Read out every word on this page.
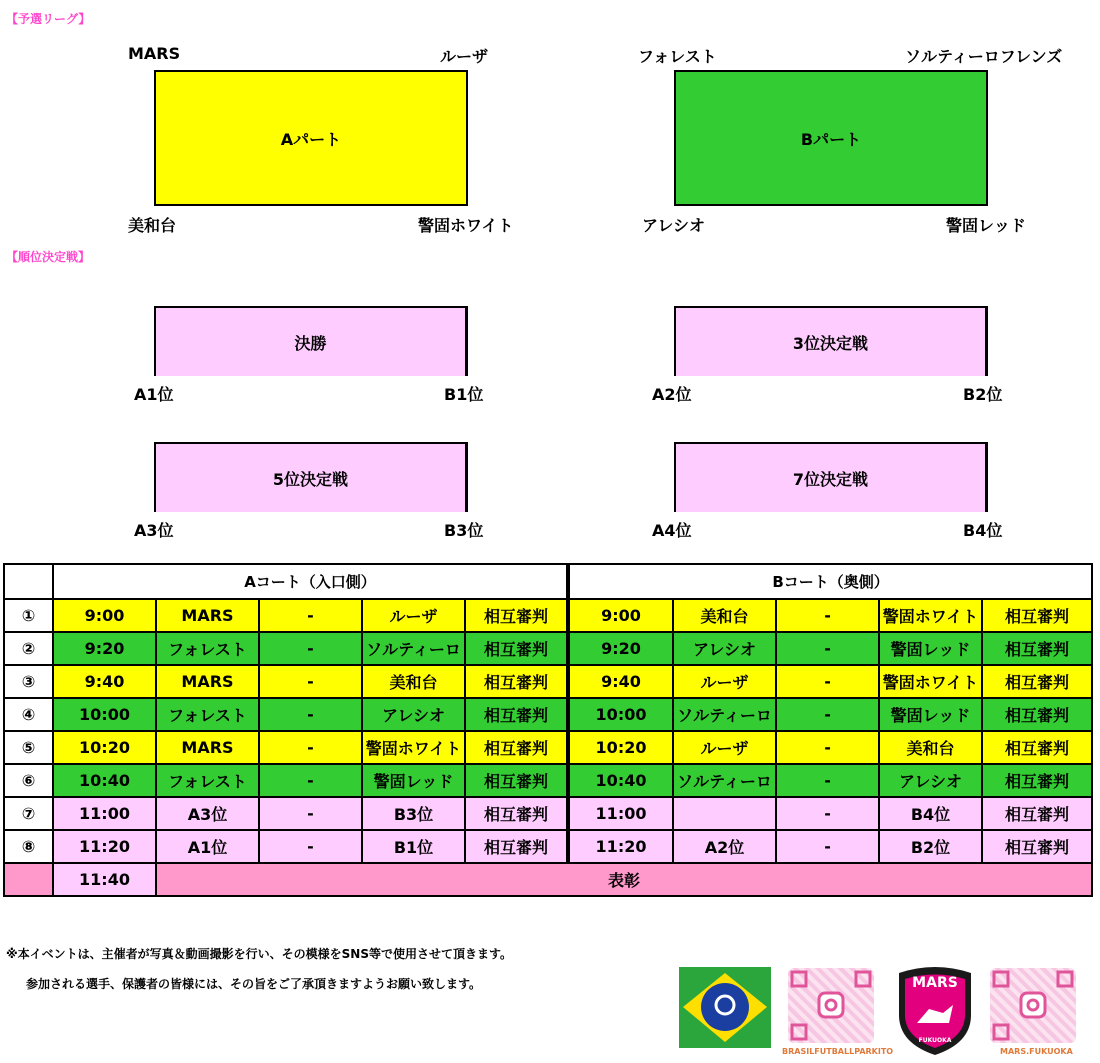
【予選リーグ】
MARS	ルーザ
Aパート
美和台	警固ホワイト
フォレスト	ソルティーロフレンズ
Bパート
アレシオ	警固レッド
【順位決定戦】
決勝
A1位	B1位
3位決定戦
A2位	B2位
5位決定戦
A3位	B3位
7位決定戦
A4位	B4位
	Aコート（入口側）					Bコート（奥側）				
①	9:00	MARS	-	ルーザ	相互審判	9:00	美和台	-	警固ホワイト	相互審判
②	9:20	フォレスト	-	ソルティーロ	相互審判	9:20	アレシオ	-	警固レッド	相互審判
③	9:40	MARS	-	美和台	相互審判	9:40	ルーザ	-	警固ホワイト	相互審判
④	10:00	フォレスト	-	アレシオ	相互審判	10:00	ソルティーロ	-	警固レッド	相互審判
⑤	10:20	MARS	-	警固ホワイト	相互審判	10:20	ルーザ	-	美和台	相互審判
⑥	10:40	フォレスト	-	警固レッド	相互審判	10:40	ソルティーロ	-	アレシオ	相互審判
⑦	11:00	A3位	-	B3位	相互審判	11:00		-	B4位	相互審判
⑧	11:20	A1位	-	B1位	相互審判	11:20	A2位	-	B2位	相互審判
	11:40	表彰								
※本イベントは、主催者が写真＆動画撮影を行い、その模様をSNS等で使用させて頂きます。
参加される選手、保護者の皆様には、その旨をご了承頂きますようお願い致します。
BRASILFUTBALLPARKITO
MARS
FUKUOKA
MARS.FUKUOKA
